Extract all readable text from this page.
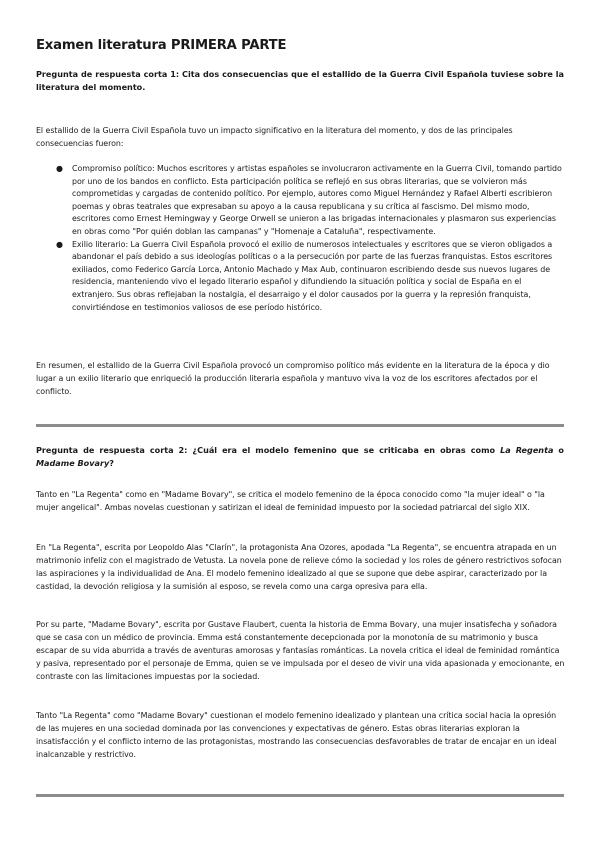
Examen literatura PRIMERA PARTE
Pregunta de respuesta corta 1: Cita dos consecuencias que el estallido de la Guerra Civil Española tuviese sobre la literatura del momento.
El estallido de la Guerra Civil Española tuvo un impacto significativo en la literatura del momento, y dos de las principales consecuencias fueron:
● Compromiso político: Muchos escritores y artistas españoles se involucraron activamente en la Guerra Civil, tomando partido por uno de los bandos en conflicto. Esta participación política se reflejó en sus obras literarias, que se volvieron más comprometidas y cargadas de contenido político. Por ejemplo, autores como Miguel Hernández y Rafael Alberti escribieron poemas y obras teatrales que expresaban su apoyo a la causa republicana y su crítica al fascismo. Del mismo modo, escritores como Ernest Hemingway y George Orwell se unieron a las brigadas internacionales y plasmaron sus experiencias en obras como "Por quién doblan las campanas" y "Homenaje a Cataluña", respectivamente.
● Exilio literario: La Guerra Civil Española provocó el exilio de numerosos intelectuales y escritores que se vieron obligados a abandonar el país debido a sus ideologías políticas o a la persecución por parte de las fuerzas franquistas. Estos escritores exiliados, como Federico García Lorca, Antonio Machado y Max Aub, continuaron escribiendo desde sus nuevos lugares de residencia, manteniendo vivo el legado literario español y difundiendo la situación política y social de España en el extranjero. Sus obras reflejaban la nostalgia, el desarraigo y el dolor causados por la guerra y la represión franquista, convirtiéndose en testimonios valiosos de ese período histórico.
En resumen, el estallido de la Guerra Civil Española provocó un compromiso político más evidente en la literatura de la época y dio lugar a un exilio literario que enriqueció la producción literaria española y mantuvo viva la voz de los escritores afectados por el conflicto.
Pregunta de respuesta corta 2: ¿Cuál era el modelo femenino que se criticaba en obras como La Regenta o Madame Bovary?
Tanto en "La Regenta" como en "Madame Bovary", se critica el modelo femenino de la época conocido como "la mujer ideal" o "la mujer angelical". Ambas novelas cuestionan y satirizan el ideal de feminidad impuesto por la sociedad patriarcal del siglo XIX.
En "La Regenta", escrita por Leopoldo Alas "Clarín", la protagonista Ana Ozores, apodada "La Regenta", se encuentra atrapada en un matrimonio infeliz con el magistrado de Vetusta. La novela pone de relieve cómo la sociedad y los roles de género restrictivos sofocan las aspiraciones y la individualidad de Ana. El modelo femenino idealizado al que se supone que debe aspirar, caracterizado por la castidad, la devoción religiosa y la sumisión al esposo, se revela como una carga opresiva para ella.
Por su parte, "Madame Bovary", escrita por Gustave Flaubert, cuenta la historia de Emma Bovary, una mujer insatisfecha y soñadora que se casa con un médico de provincia. Emma está constantemente decepcionada por la monotonía de su matrimonio y busca escapar de su vida aburrida a través de aventuras amorosas y fantasías románticas. La novela critica el ideal de feminidad romántica y pasiva, representado por el personaje de Emma, quien se ve impulsada por el deseo de vivir una vida apasionada y emocionante, en contraste con las limitaciones impuestas por la sociedad.
Tanto "La Regenta" como "Madame Bovary" cuestionan el modelo femenino idealizado y plantean una crítica social hacia la opresión de las mujeres en una sociedad dominada por las convenciones y expectativas de género. Estas obras literarias exploran la insatisfacción y el conflicto interno de las protagonistas, mostrando las consecuencias desfavorables de tratar de encajar en un ideal inalcanzable y restrictivo.
